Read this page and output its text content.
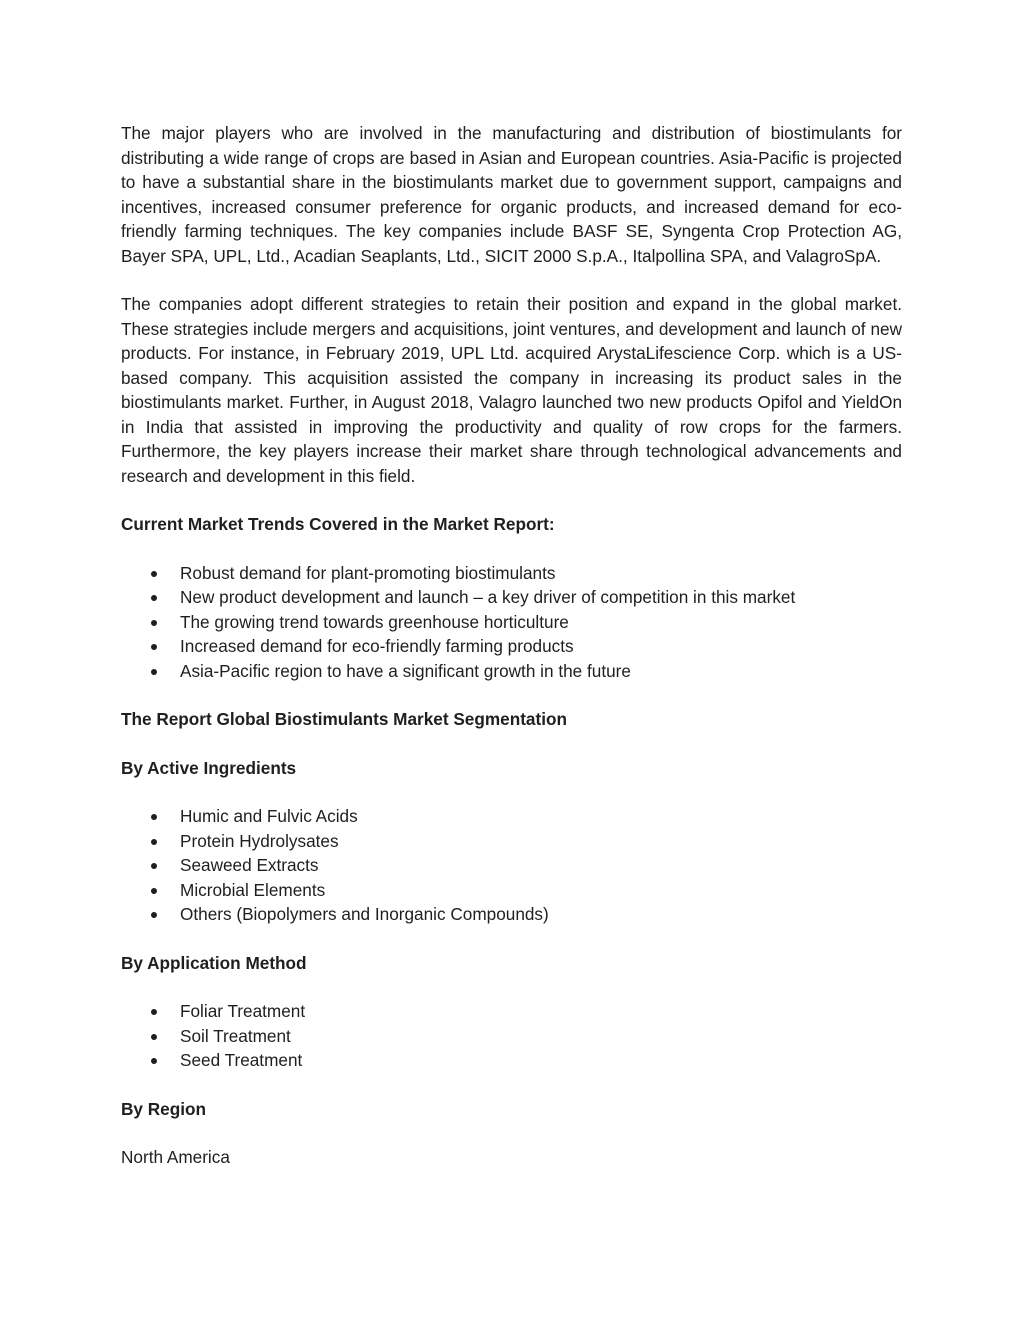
The major players who are involved in the manufacturing and distribution of biostimulants for distributing a wide range of crops are based in Asian and European countries. Asia-Pacific is projected to have a substantial share in the biostimulants market due to government support, campaigns and incentives, increased consumer preference for organic products, and increased demand for eco-friendly farming techniques. The key companies include BASF SE, Syngenta Crop Protection AG, Bayer SPA, UPL, Ltd., Acadian Seaplants, Ltd., SICIT 2000 S.p.A., Italpollina SPA, and ValagroSpA.

The companies adopt different strategies to retain their position and expand in the global market. These strategies include mergers and acquisitions, joint ventures, and development and launch of new products. For instance, in February 2019, UPL Ltd. acquired ArystaLifescience Corp. which is a US-based company. This acquisition assisted the company in increasing its product sales in the biostimulants market. Further, in August 2018, Valagro launched two new products Opifol and YieldOn in India that assisted in improving the productivity and quality of row crops for the farmers. Furthermore, the key players increase their market share through technological advancements and research and development in this field.

Current Market Trends Covered in the Market Report:

Robust demand for plant-promoting biostimulants
New product development and launch – a key driver of competition in this market
The growing trend towards greenhouse horticulture
Increased demand for eco-friendly farming products
Asia-Pacific region to have a significant growth in the future

The Report Global Biostimulants Market Segmentation

By Active Ingredients

Humic and Fulvic Acids
Protein Hydrolysates
Seaweed Extracts
Microbial Elements
Others (Biopolymers and Inorganic Compounds)

By Application Method

Foliar Treatment
Soil Treatment
Seed Treatment

By Region

North America
